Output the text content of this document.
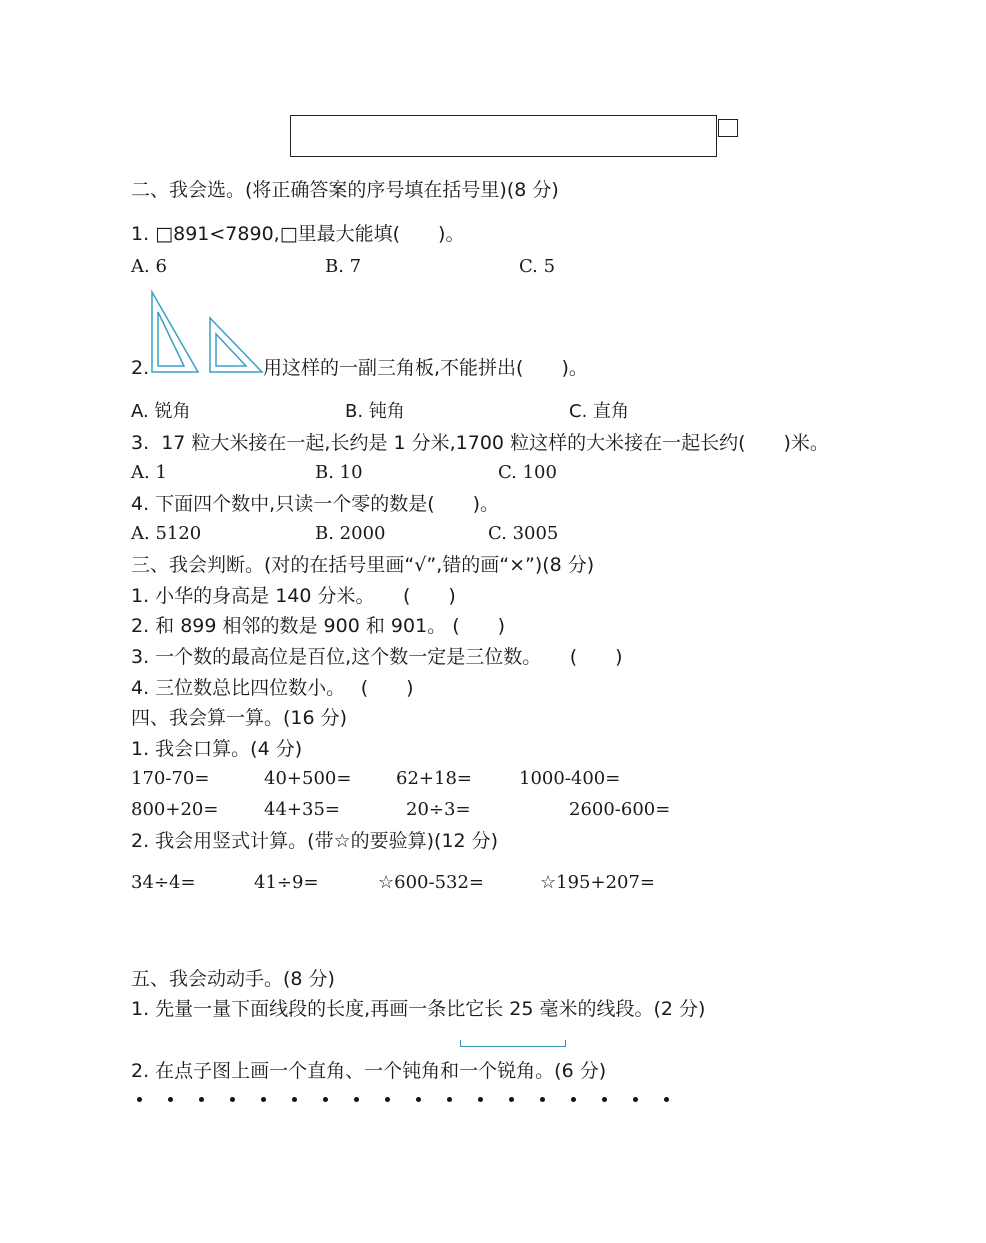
二、我会选。(将正确答案的序号填在括号里)(8 分)
1. □891<7890,□里最大能填(　　)。
A. 6	B. 7	C. 5
2.	用这样的一副三角板,不能拼出(　　)。
A. 锐角	B. 钝角	C. 直角
3.  17 粒大米接在一起,长约是 1 分米,1700 粒这样的大米接在一起长约(　　)米。
A. 1	B. 10	C. 100
4. 下面四个数中,只读一个零的数是(　　)。
A. 5120	B. 2000	C. 3005
三、我会判断。(对的在括号里画“√”,错的画“×”)(8 分)
1. 小华的身高是 140 分米。　　(　　)
2. 和 899 相邻的数是 900 和 901。 (　　)
3. 一个数的最高位是百位,这个数一定是三位数。　　(　　)
4. 三位数总比四位数小。　 (　　)
四、我会算一算。(16 分)
1. 我会口算。(4 分)
170-70=	40+500= 62+18=	1000-400=
800+20=	44+35=	20÷3=	2600-600=
2. 我会用竖式计算。(带☆的要验算)(12 分)
34÷4=	41÷9=	☆600-532=	☆195+207=
五、我会动动手。(8 分)
1. 先量一量下面线段的长度,再画一条比它长 25 毫米的线段。(2 分)
2. 在点子图上画一个直角、一个钝角和一个锐角。(6 分)
